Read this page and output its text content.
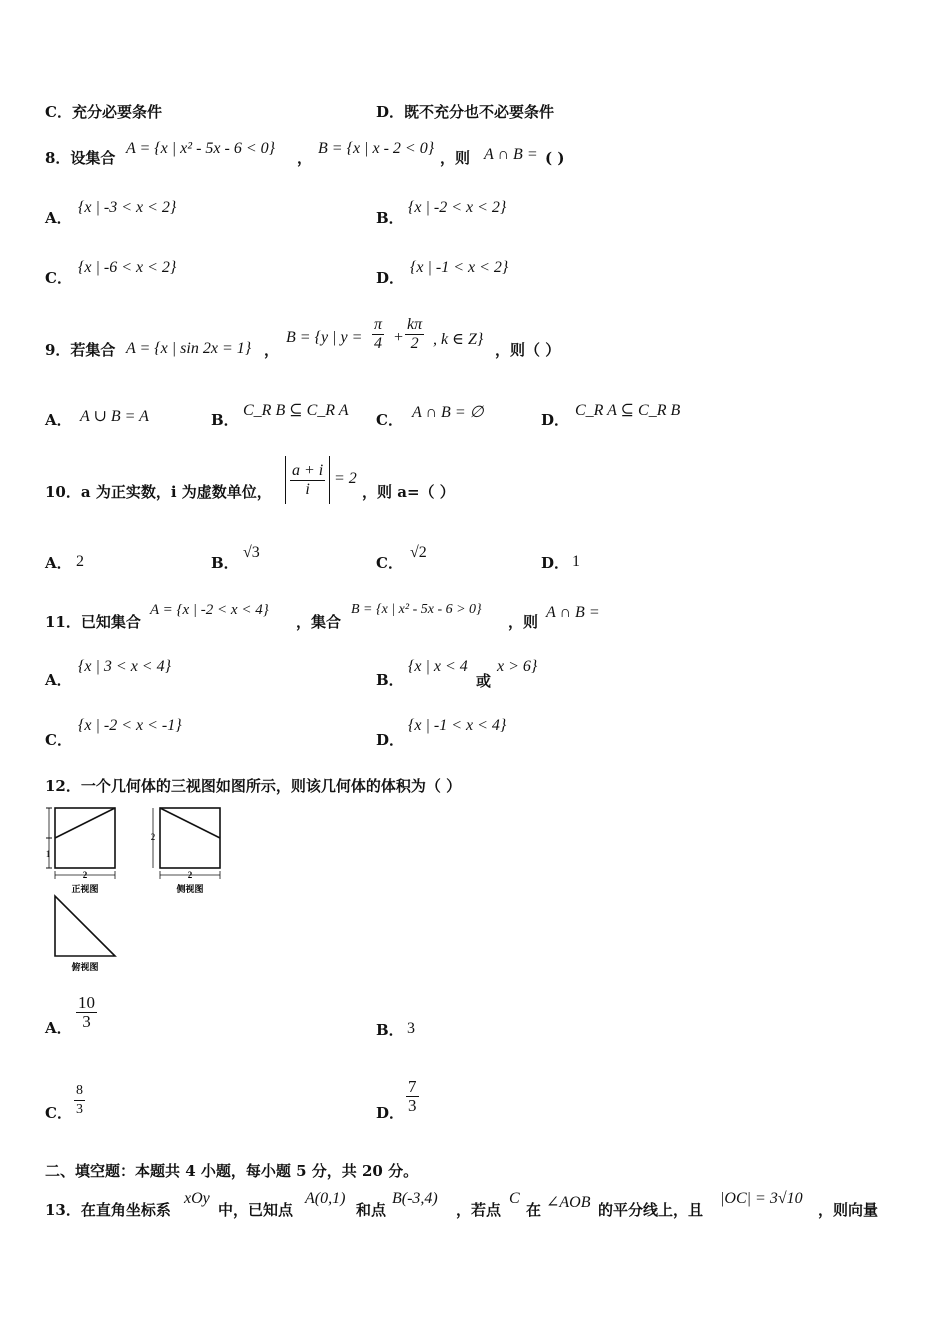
C．充分必要条件	D．既不充分也不必要条件
8．设集合
A = {x | x² - 5x - 6 < 0}
，
B = {x | x - 2 < 0}
，则 A ∩ B = ( )
A．
{x | -3 < x < 2}
B．
{x | -2 < x < 2}
C．
{x | -6 < x < 2}
D．
{x | -1 < x < 2}
9．若集合 A = {x | sin 2x = 1} ，
B = {y | $y = \frac{\pi}{4} + \frac{k\pi}{2}$ , k ∈ Z}
，则（ ）
A． A ∪ B = A	B．
C_R B ⊆ C_R A
C． A ∩ B = ∅	D．
C_R A ⊆ C_R B
10．a 为正实数，i 为虚数单位， $\frac{a + i}{i} = 2$
，则 a=（ ）
A． 2	B．
√3
C．
√2
D． 1
11．已知集合
A = {x | -2 < x < 4}
，集合
B = {x | x² - 5x - 6 > 0}
，则
A ∩ B =
A．
{x | 3 < x < 4}
B．
{x | x < 4
或
x > 6}
C．
{x | -2 < x < -1}
D．
{x | -1 < x < 4}
12．一个几何体的三视图如图所示，则该几何体的体积为（ ）
1
2
正视图
2
2
侧视图
俯视图
A． $\frac{10}{3}$	B． 3
C． $\frac{8}{3}$	D． $\frac{7}{3}$
二、填空题：本题共 4 小题，每小题 5 分，共 20 分。
13．在直角坐标系
xOy
中，已知点
A(0,1)
和点
B(-3,4)
，若点
C
在 ∠AOB 的平分线上，且
|OC| = 3√10
，则向量
